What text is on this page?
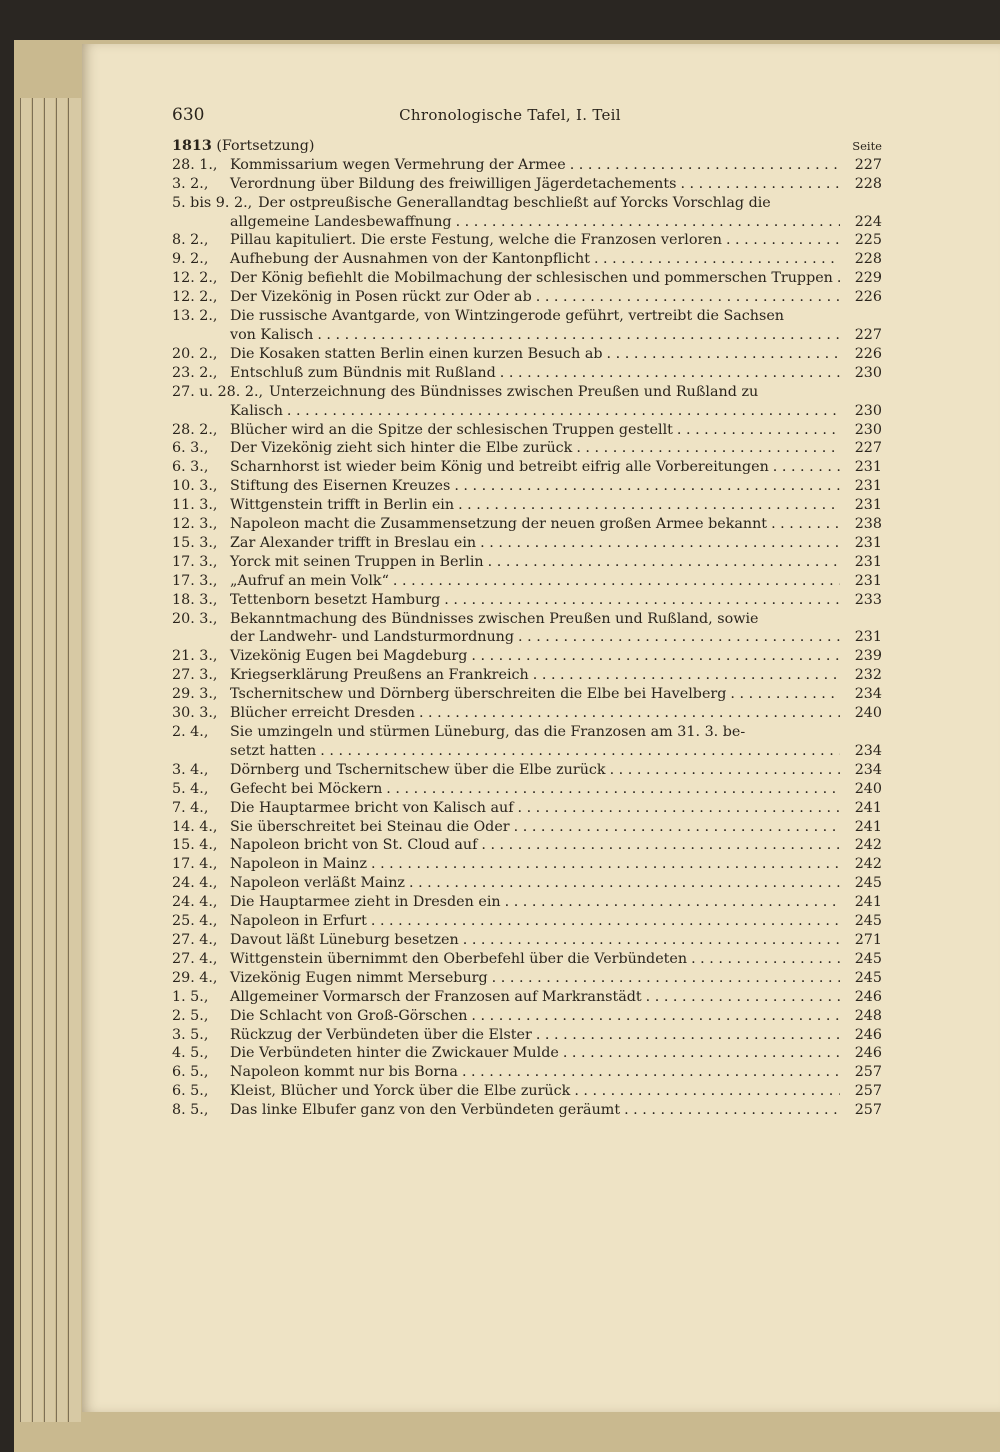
630	Chronologische Tafel, I. Teil
1813 (Fortsetzung)	Seite
28. 1., Kommissarium wegen Vermehrung der Armee . . .	227
3. 2.,	Verordnung über Bildung des freiwilligen Jägerdetachements . . .	228
5. bis 9. 2., Der ostpreußische Generallandtag beschließt auf Yorcks Vorschlag die
allgemeine Landesbewaffnung . . .	224
8. 2.,	Pillau kapituliert. Die erste Festung, welche die Franzosen verloren . . .	225
9. 2.,	Aufhebung der Ausnahmen von der Kantonpflicht . . .	228
12. 2., Der König befiehlt die Mobilmachung der schlesischen und pommerschen Truppen . . .	229
12. 2., Der Vizekönig in Posen rückt zur Oder ab . . .	226
13. 2., Die russische Avantgarde, von Wintzingerode geführt, vertreibt die Sachsen
von Kalisch . . .	227
20. 2., Die Kosaken statten Berlin einen kurzen Besuch ab . . .	226
23. 2., Entschluß zum Bündnis mit Rußland . . .	230
27. u. 28. 2., Unterzeichnung des Bündnisses zwischen Preußen und Rußland zu
Kalisch . . .	230
28. 2., Blücher wird an die Spitze der schlesischen Truppen gestellt . . .	230
6. 3.,	Der Vizekönig zieht sich hinter die Elbe zurück . . .	227
6. 3.,	Scharnhorst ist wieder beim König und betreibt eifrig alle Vorbereitungen . . .	231
10. 3., Stiftung des Eisernen Kreuzes . . .	231
11. 3., Wittgenstein trifft in Berlin ein . . .	231
12. 3., Napoleon macht die Zusammensetzung der neuen großen Armee bekannt . . .	238
15. 3., Zar Alexander trifft in Breslau ein . . .	231
17. 3., Yorck mit seinen Truppen in Berlin . . .	231
17. 3., „Aufruf an mein Volk“ . . .	231
18. 3., Tettenborn besetzt Hamburg . . .	233
20. 3., Bekanntmachung des Bündnisses zwischen Preußen und Rußland, sowie
der Landwehr- und Landsturmordnung . . .	231
21. 3., Vizekönig Eugen bei Magdeburg . . .	239
27. 3., Kriegserklärung Preußens an Frankreich . . .	232
29. 3., Tschernitschew und Dörnberg überschreiten die Elbe bei Havelberg . . .	234
30. 3., Blücher erreicht Dresden . . .	240
2. 4.,	Sie umzingeln und stürmen Lüneburg, das die Franzosen am 31. 3. be-
setzt hatten . . .	234
3. 4.,	Dörnberg und Tschernitschew über die Elbe zurück . . .	234
5. 4.,	Gefecht bei Möckern . . .	240
7. 4.,	Die Hauptarmee bricht von Kalisch auf . . .	241
14. 4., Sie überschreitet bei Steinau die Oder . . .	241
15. 4., Napoleon bricht von St. Cloud auf . . .	242
17. 4., Napoleon in Mainz . . .	242
24. 4., Napoleon verläßt Mainz . . .	245
24. 4., Die Hauptarmee zieht in Dresden ein . . .	241
25. 4., Napoleon in Erfurt . . .	245
27. 4., Davout läßt Lüneburg besetzen . . .	271
27. 4., Wittgenstein übernimmt den Oberbefehl über die Verbündeten . . .	245
29. 4., Vizekönig Eugen nimmt Merseburg . . .	245
1. 5.,	Allgemeiner Vormarsch der Franzosen auf Markranstädt . . .	246
2. 5.,	Die Schlacht von Groß-Görschen . . .	248
3. 5.,	Rückzug der Verbündeten über die Elster . . .	246
4. 5.,	Die Verbündeten hinter die Zwickauer Mulde . . .	246
6. 5.,	Napoleon kommt nur bis Borna . . .	257
6. 5.,	Kleist, Blücher und Yorck über die Elbe zurück . . .	257
8. 5.,	Das linke Elbufer ganz von den Verbündeten geräumt . . .	257
